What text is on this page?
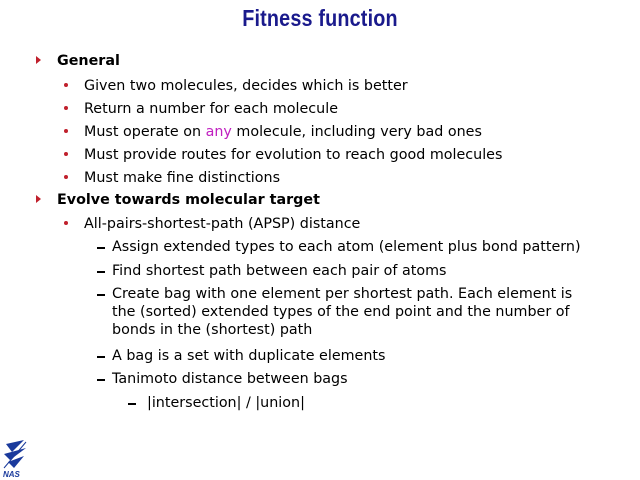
Fitness function
General
Given two molecules, decides which is better
Return a number for each molecule
Must operate on any molecule, including very bad ones
Must provide routes for evolution to reach good molecules
Must make fine distinctions
Evolve towards molecular target
All-pairs-shortest-path (APSP) distance
Assign extended types to each atom (element plus bond pattern)
Find shortest path between each pair of atoms
Create bag with one element per shortest path. Each element is
the (sorted) extended types of the end point and the number of
bonds in the (shortest) path
A bag is a set with duplicate elements
Tanimoto distance between bags
|intersection| / |union|
NAS
